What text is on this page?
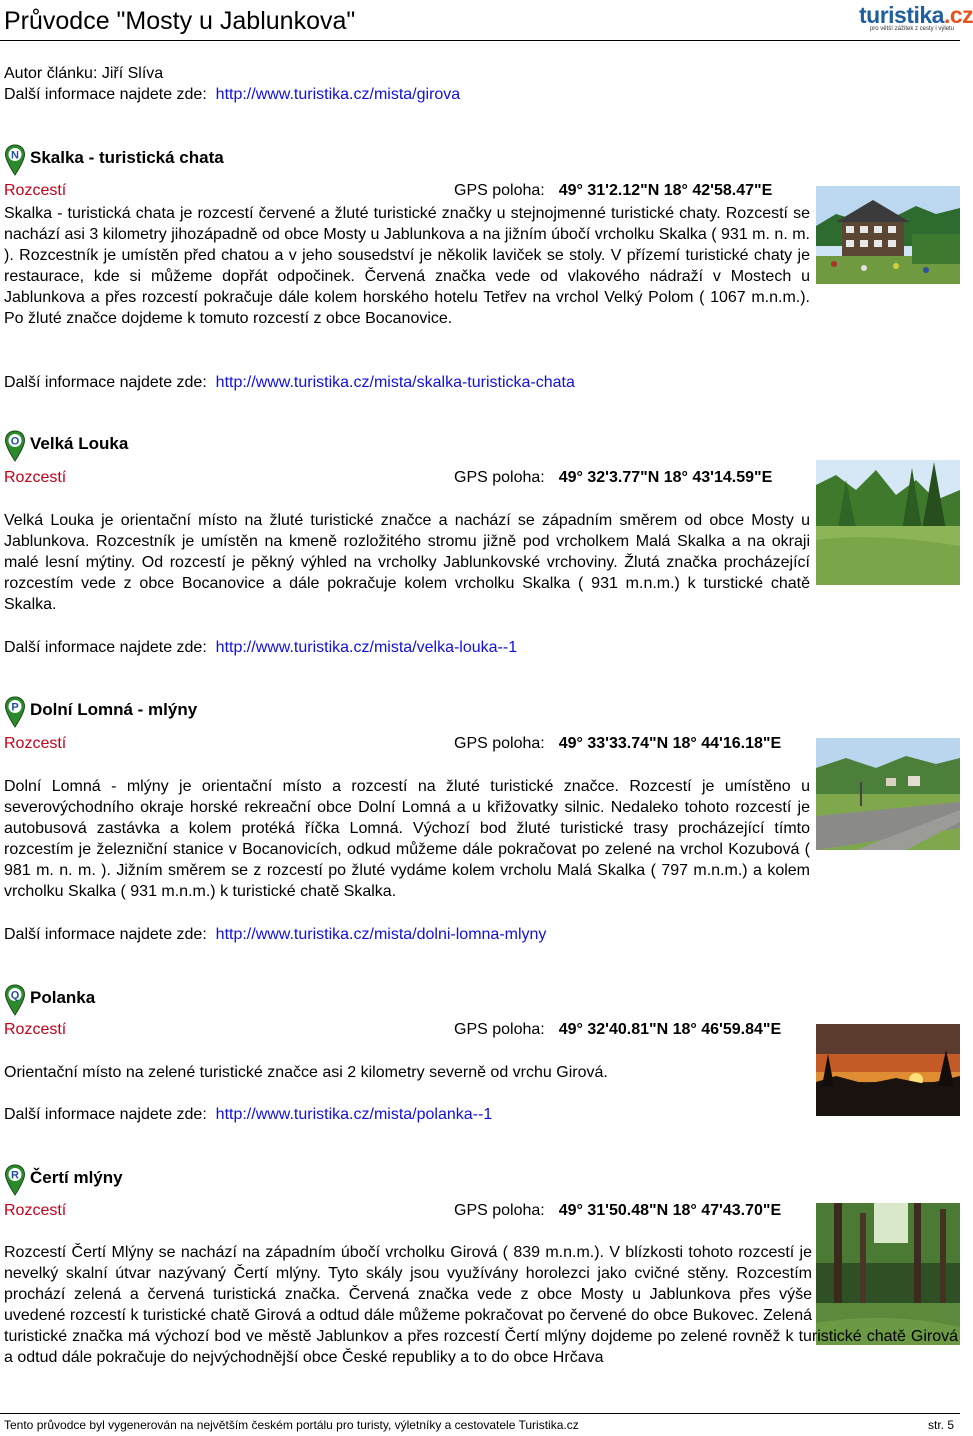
Průvodce "Mosty u Jablunkova"	turistika.cz
pro větší zážitek z cesty i výletu
Autor článku: Jiří Slíva
Další informace najdete zde: http://www.turistika.cz/mista/girova
N Skalka - turistická chata
Rozcestí	GPS poloha: 49° 31'2.12"N 18° 42'58.47"E

Skalka - turistická chata je rozcestí červené a žluté turistické značky u stejnojmenné turistické chaty. Rozcestí se nachází asi 3 kilometry jihozápadně od obce Mosty u Jablunkova a na jižním úbočí vrcholku Skalka ( 931 m. n. m. ). Rozcestník je umístěn před chatou a v jeho sousedství je několik laviček se stoly. V přízemí turistické chaty je restaurace, kde si můžeme dopřát odpočinek. Červená značka vede od vlakového nádraží v Mostech u Jablunkova a přes rozcestí pokračuje dále kolem horského hotelu Tetřev na vrchol Velký Polom ( 1067 m.n.m.). Po žluté značce dojdeme k tomuto rozcestí z obce Bocanovice.

Další informace najdete zde: http://www.turistika.cz/mista/skalka-turisticka-chata
O Velká Louka
Rozcestí	GPS poloha: 49° 32'3.77"N 18° 43'14.59"E

Velká Louka je orientační místo na žluté turistické značce a nachází se západním směrem od obce Mosty u Jablunkova. Rozcestník je umístěn na kmeně rozložitého stromu jižně pod vrcholkem Malá Skalka a na okraji malé lesní mýtiny. Od rozcestí je pěkný výhled na vrcholky Jablunkovské vrchoviny. Žlutá značka procházející rozcestím vede z obce Bocanovice a dále pokračuje kolem vrcholku Skalka ( 931 m.n.m.) k turstické chatě Skalka.

Další informace najdete zde: http://www.turistika.cz/mista/velka-louka--1
P Dolní Lomná - mlýny
Rozcestí	GPS poloha: 49° 33'33.74"N 18° 44'16.18"E

Dolní Lomná - mlýny je orientační místo a rozcestí na žluté turistické značce. Rozcestí je umístěno u severovýchodního okraje horské rekreační obce Dolní Lomná a u křižovatky silnic. Nedaleko tohoto rozcestí je autobusová zastávka a kolem protéká říčka Lomná. Výchozí bod žluté turistické trasy procházející tímto rozcestím je železniční stanice v Bocanovicích, odkud můžeme dále pokračovat po zelené na vrchol Kozubová ( 981 m. n. m. ). Jižním směrem se z rozcestí po žluté vydáme kolem vrcholu Malá Skalka ( 797 m.n.m.) a kolem vrcholku Skalka ( 931 m.n.m.) k turistické chatě Skalka.

Další informace najdete zde: http://www.turistika.cz/mista/dolni-lomna-mlyny
Q Polanka
Rozcestí	GPS poloha: 49° 32'40.81"N 18° 46'59.84"E

Orientační místo na zelené turistické značce asi 2 kilometry severně od vrchu Girová.

Další informace najdete zde: http://www.turistika.cz/mista/polanka--1
R Čertí mlýny
Rozcestí	GPS poloha: 49° 31'50.48"N 18° 47'43.70"E

Rozcestí Čertí Mlýny se nachází na západním úbočí vrcholku Girová ( 839 m.n.m.). V blízkosti tohoto rozcestí je nevelký skalní útvar nazývaný Čertí mlýny. Tyto skály jsou využívány horolezci jako cvičné stěny. Rozcestím prochází zelená a červená turistická značka. Červená značka vede z obce Mosty u Jablunkova přes výše uvedené rozcestí k turistické chatě Girová a odtud dále můžeme pokračovat po červené do obce Bukovec. Zelená turistické značka má výchozí bod ve městě Jablunkov a přes rozcestí Čertí mlýny dojdeme po zelené rovněž k turistické chatě Girová a odtud dále pokračuje do nejvýchodnější obce České republiky a to do obce Hrčava

Tento průvodce byl vygenerován na největším českém portálu pro turisty, výletníky a cestovatele Turistika.cz	str. 5
